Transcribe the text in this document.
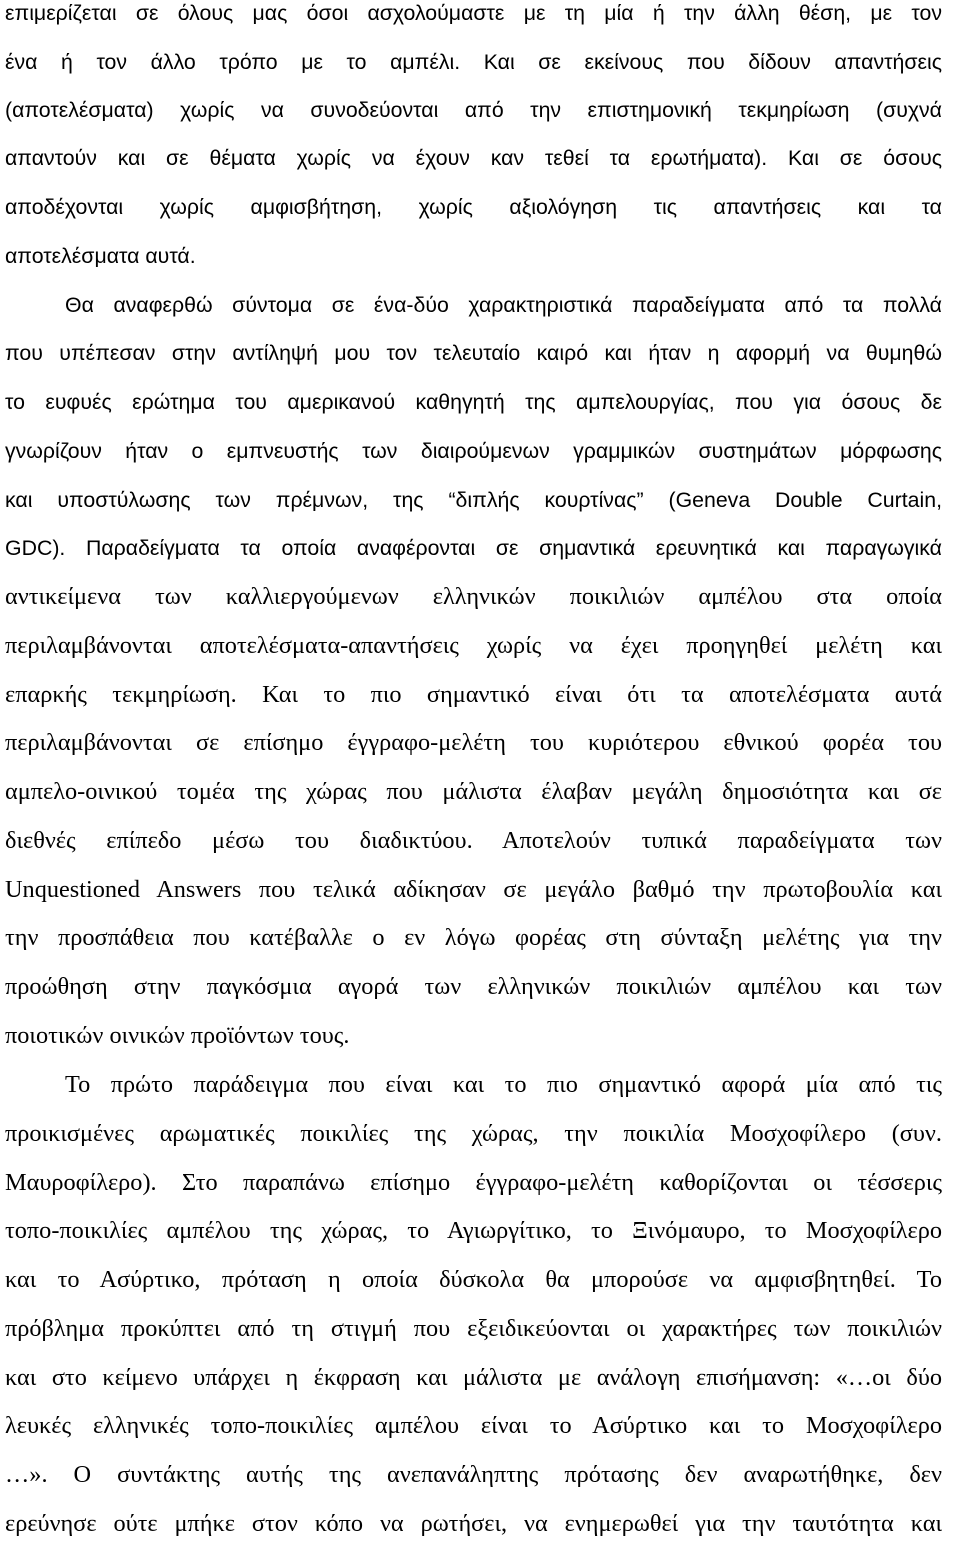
επιμερίζεται σε όλους μας όσοι ασχολούμαστε με τη μία ή την άλλη θέση, με τον
ένα ή τον άλλο τρόπο με το αμπέλι. Και σε εκείνους που δίδουν απαντήσεις
(αποτελέσματα) χωρίς να συνοδεύονται από την επιστημονική τεκμηρίωση (συχνά
απαντούν και σε θέματα χωρίς να έχουν καν τεθεί τα ερωτήματα). Και σε όσους
αποδέχονται χωρίς αμφισβήτηση, χωρίς αξιολόγηση τις απαντήσεις και τα
αποτελέσματα αυτά.
Θα αναφερθώ σύντομα σε ένα-δύο χαρακτηριστικά παραδείγματα από τα πολλά
που υπέπεσαν στην αντίληψή μου τον τελευταίο καιρό και ήταν η αφορμή να θυμηθώ
το ευφυές ερώτημα του αμερικανού καθηγητή της αμπελουργίας, που για όσους δε
γνωρίζουν ήταν ο εμπνευστής των διαιρούμενων γραμμικών συστημάτων μόρφωσης
και υποστύλωσης των πρέμνων, της “διπλής κουρτίνας” (Geneva Double Curtain,
GDC). Παραδείγματα τα οποία αναφέρονται σε σημαντικά ερευνητικά και παραγωγικά
αντικείμενα των καλλιεργούμενων ελληνικών ποικιλιών αμπέλου στα οποία
περιλαμβάνονται αποτελέσματα-απαντήσεις χωρίς να έχει προηγηθεί μελέτη και
επαρκής τεκμηρίωση. Και το πιο σημαντικό είναι ότι τα αποτελέσματα αυτά
περιλαμβάνονται σε επίσημο έγγραφο-μελέτη του κυριότερου εθνικού φορέα του
αμπελο-οινικού τομέα της χώρας που μάλιστα έλαβαν μεγάλη δημοσιότητα και σε
διεθνές επίπεδο μέσω του διαδικτύου. Αποτελούν τυπικά παραδείγματα των
Unquestioned Answers που τελικά αδίκησαν σε μεγάλο βαθμό την πρωτοβουλία και
την προσπάθεια που κατέβαλλε ο εν λόγω φορέας στη σύνταξη μελέτης για την
προώθηση στην παγκόσμια αγορά των ελληνικών ποικιλιών αμπέλου και των
ποιοτικών οινικών προϊόντων τους.
Το πρώτο παράδειγμα που είναι και το πιο σημαντικό αφορά μία από τις
προικισμένες αρωματικές ποικιλίες της χώρας, την ποικιλία Μοσχοφίλερο (συν.
Μαυροφίλερο). Στο παραπάνω επίσημο έγγραφο-μελέτη καθορίζονται οι τέσσερις
τοπο-ποικιλίες αμπέλου της χώρας, το Αγιωργίτικο, το Ξινόμαυρο, το Μοσχοφίλερο
και το Ασύρτικο, πρόταση η οποία δύσκολα θα μπορούσε να αμφισβητηθεί. Το
πρόβλημα προκύπτει από τη στιγμή που εξειδικεύονται οι χαρακτήρες των ποικιλιών
και στο κείμενο υπάρχει η έκφραση και μάλιστα με ανάλογη επισήμανση: «…οι δύο
λευκές ελληνικές τοπο-ποικιλίες αμπέλου είναι το Ασύρτικο και το Μοσχοφίλερο
…». Ο συντάκτης αυτής της ανεπανάληπτης πρότασης δεν αναρωτήθηκε, δεν
ερεύνησε ούτε μπήκε στον κόπο να ρωτήσει, να ενημερωθεί για την ταυτότητα και
